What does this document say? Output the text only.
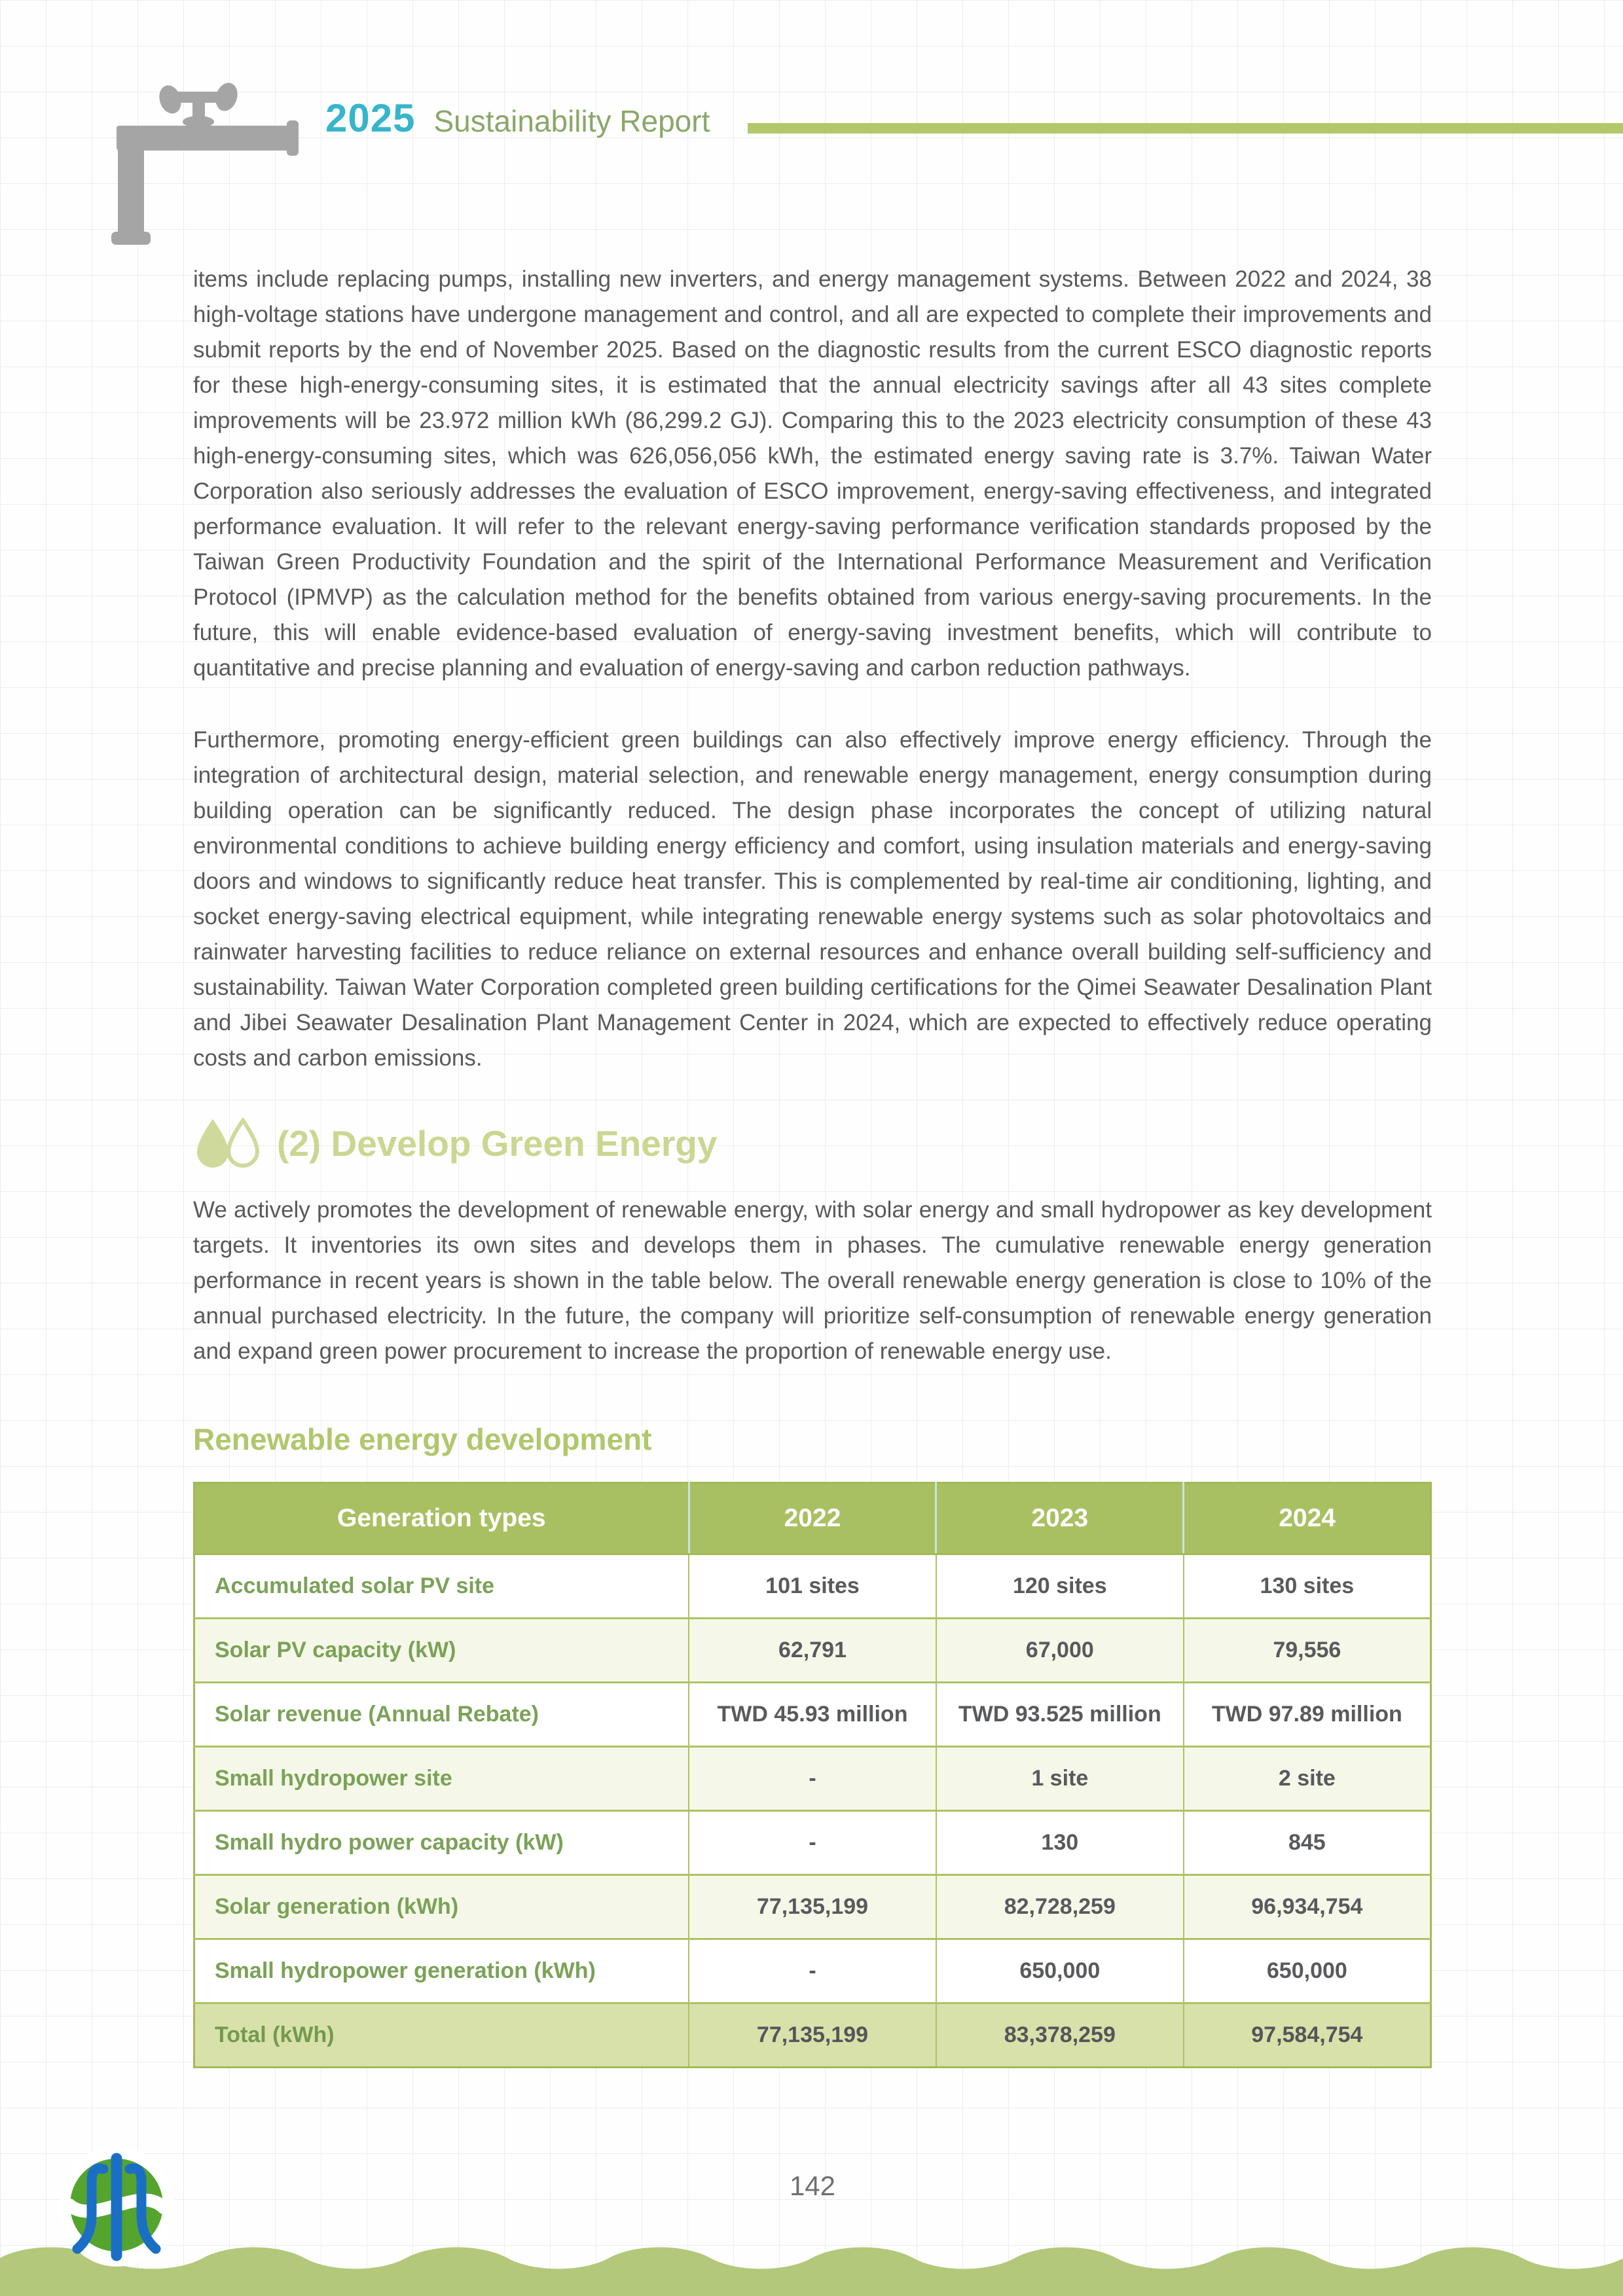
2025 Sustainability Report

items include replacing pumps, installing new inverters, and energy management systems. Between 2022 and 2024, 38 high-voltage stations have undergone management and control, and all are expected to complete their improvements and submit reports by the end of November 2025. Based on the diagnostic results from the current ESCO diagnostic reports for these high-energy-consuming sites, it is estimated that the annual electricity savings after all 43 sites complete improvements will be 23.972 million kWh (86,299.2 GJ). Comparing this to the 2023 electricity consumption of these 43 high-energy-consuming sites, which was 626,056,056 kWh, the estimated energy saving rate is 3.7%. Taiwan Water Corporation also seriously addresses the evaluation of ESCO improvement, energy-saving effectiveness, and integrated performance evaluation. It will refer to the relevant energy-saving performance verification standards proposed by the Taiwan Green Productivity Foundation and the spirit of the International Performance Measurement and Verification Protocol (IPMVP) as the calculation method for the benefits obtained from various energy-saving procurements. In the future, this will enable evidence-based evaluation of energy-saving investment benefits, which will contribute to quantitative and precise planning and evaluation of energy-saving and carbon reduction pathways.

Furthermore, promoting energy-efficient green buildings can also effectively improve energy efficiency. Through the integration of architectural design, material selection, and renewable energy management, energy consumption during building operation can be significantly reduced. The design phase incorporates the concept of utilizing natural environmental conditions to achieve building energy efficiency and comfort, using insulation materials and energy-saving doors and windows to significantly reduce heat transfer. This is complemented by real-time air conditioning, lighting, and socket energy-saving electrical equipment, while integrating renewable energy systems such as solar photovoltaics and rainwater harvesting facilities to reduce reliance on external resources and enhance overall building self-sufficiency and sustainability. Taiwan Water Corporation completed green building certifications for the Qimei Seawater Desalination Plant and Jibei Seawater Desalination Plant Management Center in 2024, which are expected to effectively reduce operating costs and carbon emissions.

(2) Develop Green Energy

We actively promotes the development of renewable energy, with solar energy and small hydropower as key development targets. It inventories its own sites and develops them in phases. The cumulative renewable energy generation performance in recent years is shown in the table below. The overall renewable energy generation is close to 10% of the annual purchased electricity. In the future, the company will prioritize self-consumption of renewable energy generation and expand green power procurement to increase the proportion of renewable energy use.

Renewable energy development
Generation types	2022	2023	2024
Accumulated solar PV site	101 sites	120 sites	130 sites
Solar PV capacity (kW)	62,791	67,000	79,556
Solar revenue (Annual Rebate)	TWD 45.93 million	TWD 93.525 million	TWD 97.89 million
Small hydropower site	-	1 site	2 site
Small hydro power capacity (kW)	-	130	845
Solar generation (kWh)	77,135,199	82,728,259	96,934,754
Small hydropower generation (kWh)	-	650,000	650,000
Total (kWh)	77,135,199	83,378,259	97,584,754
142
